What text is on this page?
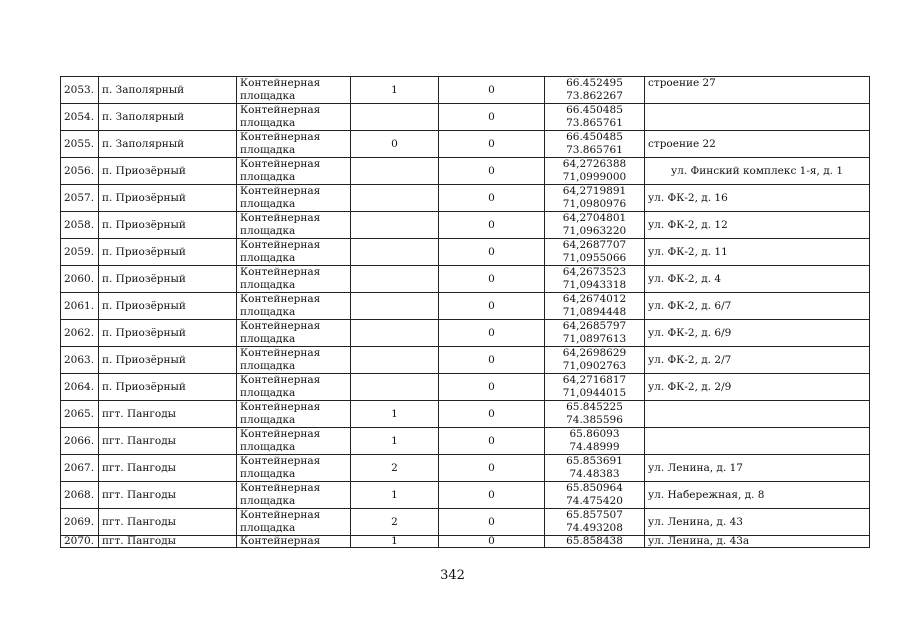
2053.	п. Заполярный	Контейнерная
площадка	1	0	66.452495
73.862267	строение 27
2054.	п. Заполярный	Контейнерная
площадка		0	66.450485
73.865761	
2055.	п. Заполярный	Контейнерная
площадка	0	0	66.450485
73.865761	строение 22
2056.	п. Приозёрный	Контейнерная
площадка		0	64,2726388
71,0999000	ул. Финский комплекс 1-я, д. 1
2057.	п. Приозёрный	Контейнерная
площадка		0	64,2719891
71,0980976	ул. ФК-2, д. 16
2058.	п. Приозёрный	Контейнерная
площадка		0	64,2704801
71,0963220	ул. ФК-2, д. 12
2059.	п. Приозёрный	Контейнерная
площадка		0	64,2687707
71,0955066	ул. ФК-2, д. 11
2060.	п. Приозёрный	Контейнерная
площадка		0	64,2673523
71,0943318	ул. ФК-2, д. 4
2061.	п. Приозёрный	Контейнерная
площадка		0	64,2674012
71,0894448	ул. ФК-2, д. 6/7
2062.	п. Приозёрный	Контейнерная
площадка		0	64,2685797
71,0897613	ул. ФК-2, д. 6/9
2063.	п. Приозёрный	Контейнерная
площадка		0	64,2698629
71,0902763	ул. ФК-2, д. 2/7
2064.	п. Приозёрный	Контейнерная
площадка		0	64,2716817
71,0944015	ул. ФК-2, д. 2/9
2065.	пгт. Пангоды	Контейнерная
площадка	1	0	65.845225
74.385596	
2066.	пгт. Пангоды	Контейнерная
площадка	1	0	65.86093
74.48999	
2067.	пгт. Пангоды	Контейнерная
площадка	2	0	65.853691
74.48383	ул. Ленина, д. 17
2068.	пгт. Пангоды	Контейнерная
площадка	1	0	65.850964
74.475420	ул. Набережная, д. 8
2069.	пгт. Пангоды	Контейнерная
площадка	2	0	65.857507
74.493208	ул. Ленина, д. 43
2070.	пгт. Пангоды	Контейнерная	1	0	65.858438	ул. Ленина, д. 43а
342
